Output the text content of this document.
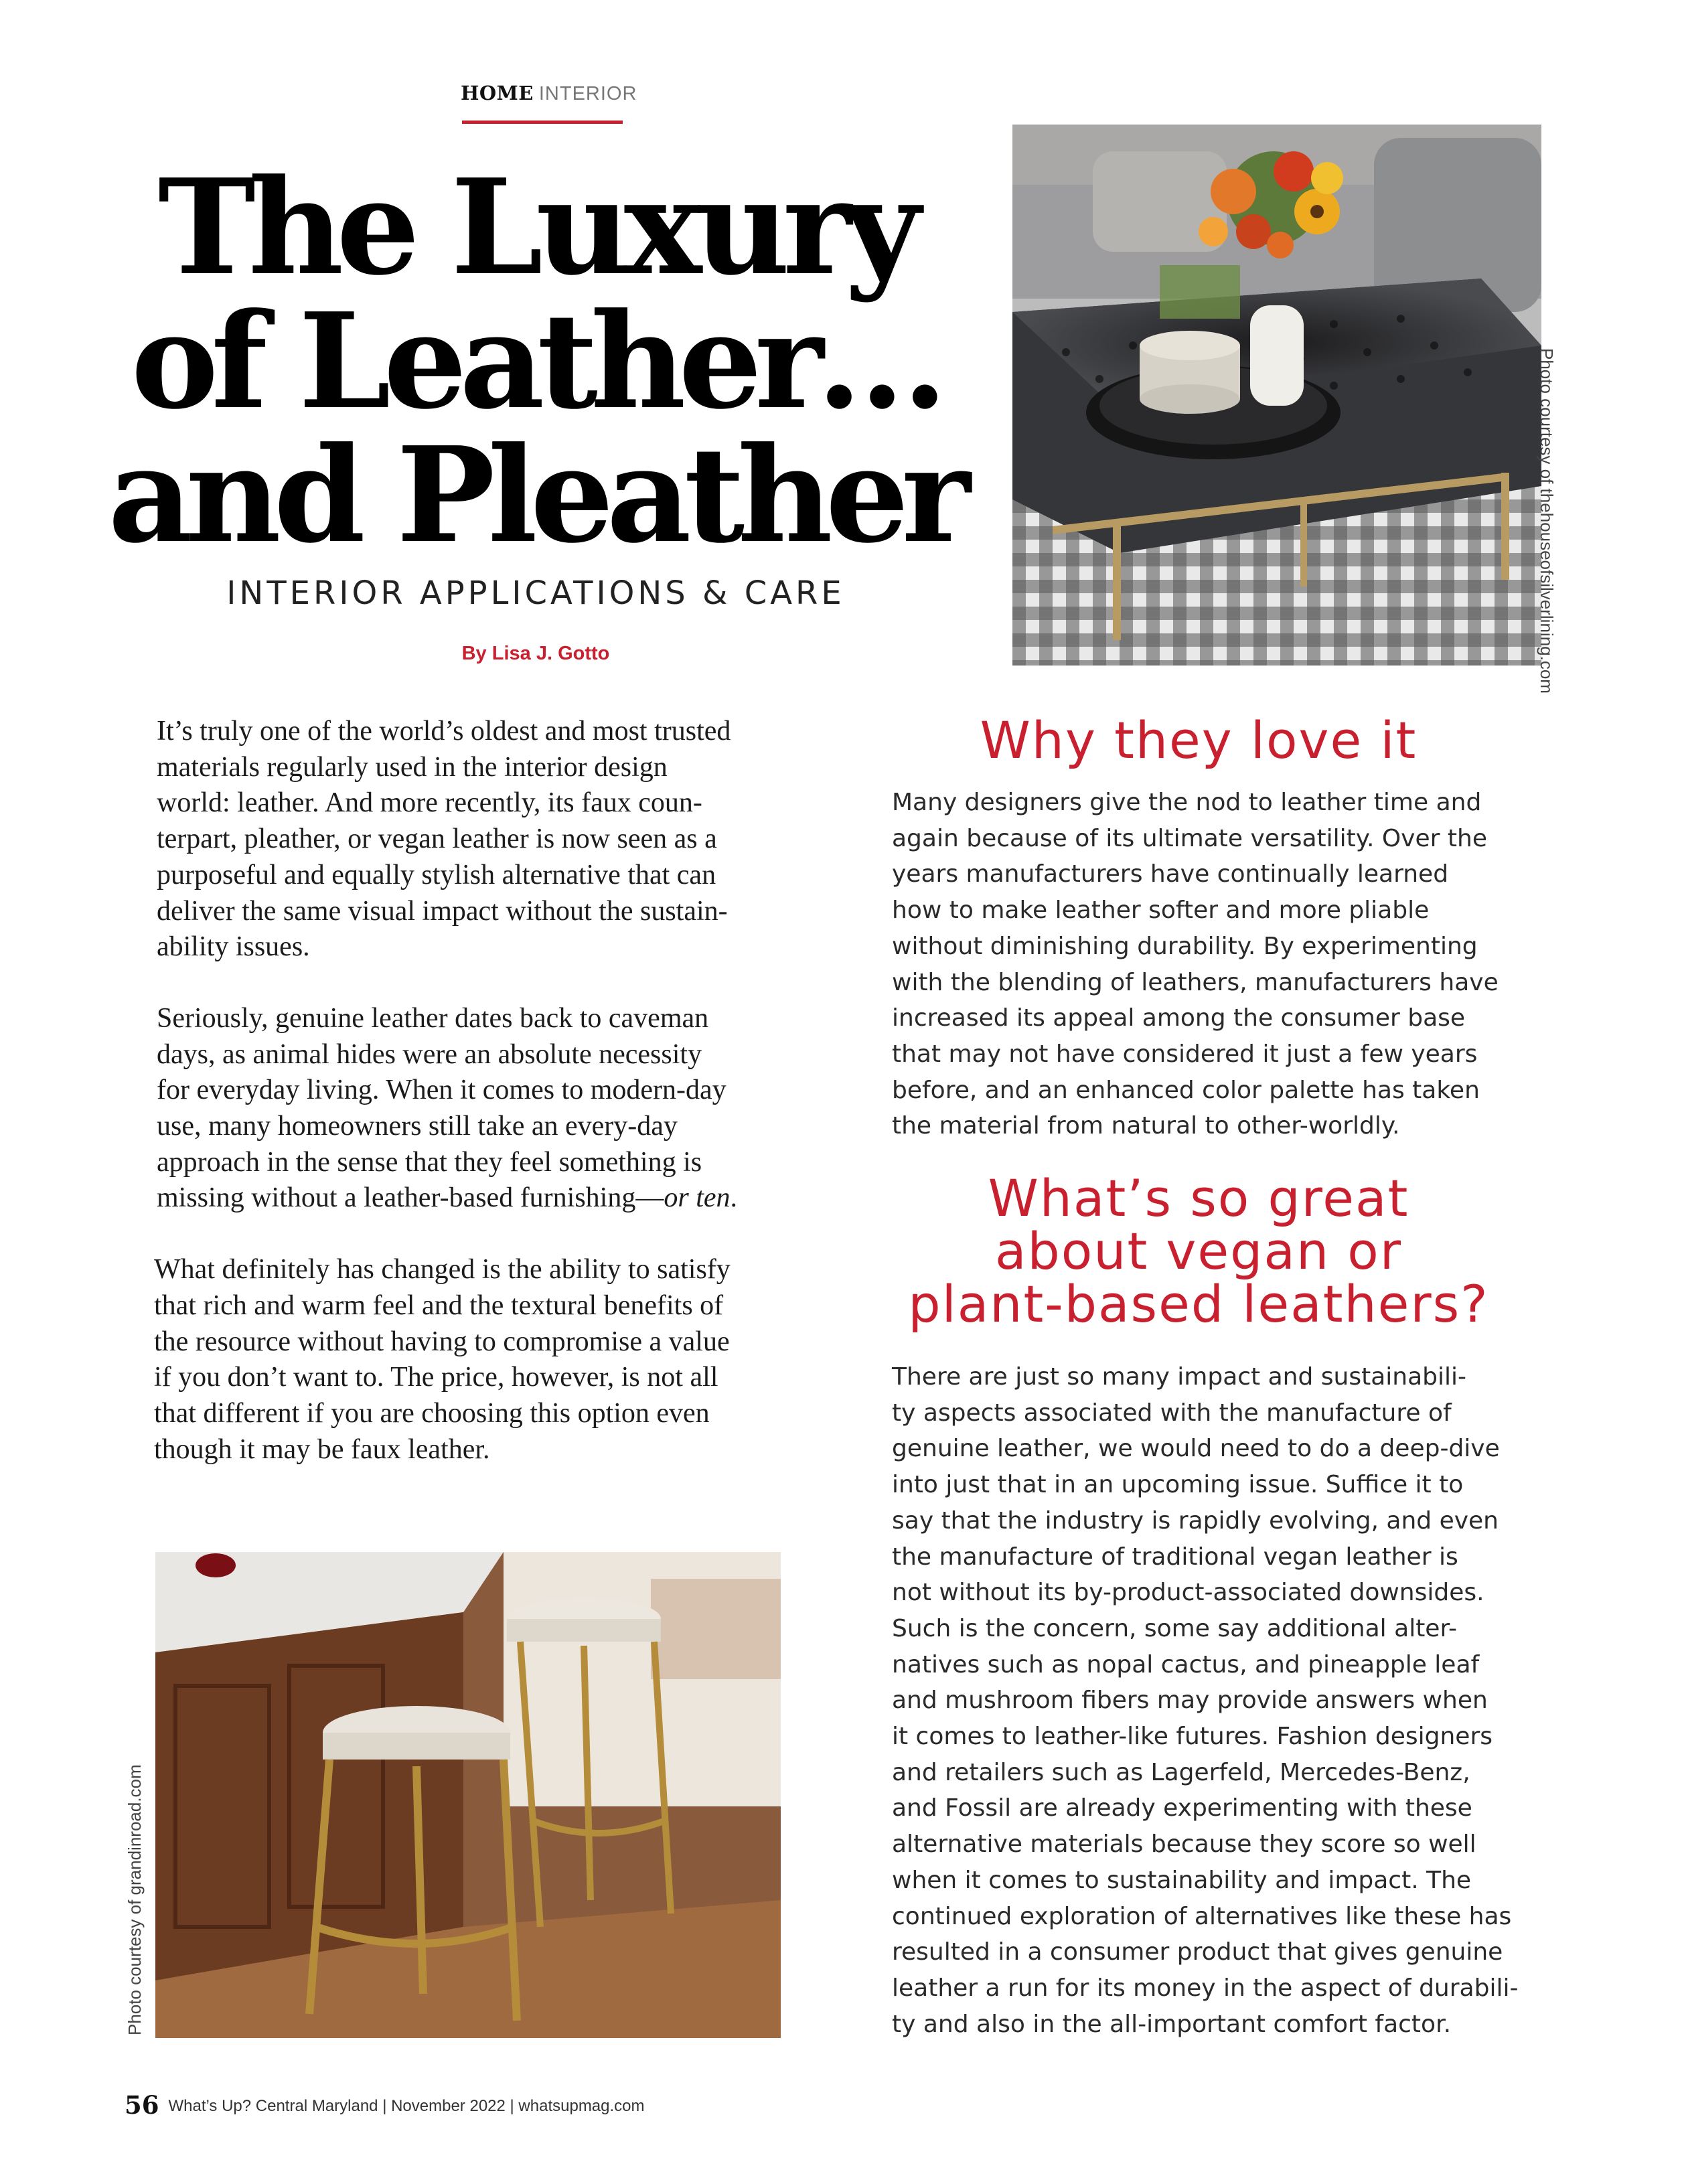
HOME INTERIOR
The Luxury
of Leather…
and Pleather
INTERIOR APPLICATIONS & CARE
By Lisa J. Gotto	Photo courtesy of thehouseofsilverlining.com

It’s truly one of the world’s oldest and most trusted
materials regularly used in the interior design
world: leather. And more recently, its faux coun-
terpart, pleather, or vegan leather is now seen as a
purposeful and equally stylish alternative that can
deliver the same visual impact without the sustain-
ability issues.

Seriously, genuine leather dates back to caveman
days, as animal hides were an absolute necessity
for everyday living. When it comes to modern-day
use, many homeowners still take an every-day
approach in the sense that they feel something is
missing without a leather-based furnishing—or ten.

What definitely has changed is the ability to satisfy
that rich and warm feel and the textural benefits of
the resource without having to compromise a value
if you don’t want to. The price, however, is not all
that different if you are choosing this option even
though it may be faux leather.

Photo courtesy of grandinroad.com
Why they love it
Many designers give the nod to leather time and
again because of its ultimate versatility. Over the
years manufacturers have continually learned
how to make leather softer and more pliable
without diminishing durability. By experimenting
with the blending of leathers, manufacturers have
increased its appeal among the consumer base
that may not have considered it just a few years
before, and an enhanced color palette has taken
the material from natural to other-worldly.
What’s so great
about vegan or
plant-based leathers?
There are just so many impact and sustainabili-
ty aspects associated with the manufacture of
genuine leather, we would need to do a deep-dive
into just that in an upcoming issue. Suffice it to
say that the industry is rapidly evolving, and even
the manufacture of traditional vegan leather is
not without its by-product-associated downsides.
Such is the concern, some say additional alter-
natives such as nopal cactus, and pineapple leaf
and mushroom fibers may provide answers when
it comes to leather-like futures. Fashion designers
and retailers such as Lagerfeld, Mercedes-Benz,
and Fossil are already experimenting with these
alternative materials because they score so well
when it comes to sustainability and impact. The
continued exploration of alternatives like these has
resulted in a consumer product that gives genuine
leather a run for its money in the aspect of durabili-
ty and also in the all-important comfort factor.
56 What’s Up? Central Maryland | November 2022 | whatsupmag.com
